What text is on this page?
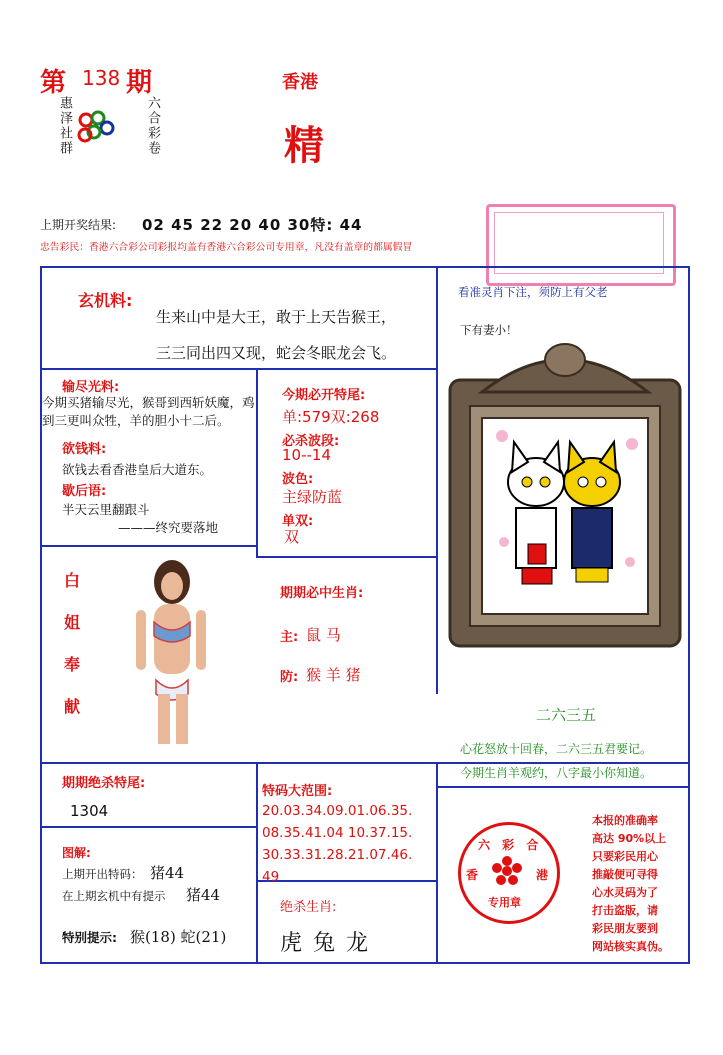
第 138 期
惠泽社群	六合彩卷
香港
精
上期开奖结果: 02 45 22 20 40 30特: 44
忠告彩民：香港六合彩公司彩报均盖有香港六合彩公司专用章，凡没有盖章的都属假冒
玄机料:
生来山中是大王，敢于上天告猴王，
三三同出四又现，蛇会冬眠龙会飞。
输尽光料:
今期买猪输尽光，猴哥到西斩妖魔，鸡到三更叫众牲，羊的胆小十二后。
欲钱料:
欲钱去看香港皇后大道东。
歇后语:
半天云里翻跟斗
———终究要落地
今期必开特尾:
单:579双:268
必杀波段:
10--14
波色:
主绿防蓝
单双:
双
看准灵肖下注，须防上有父老
下有妻小！
白
姐
奉
献
期期必中生肖:
主: 鼠 马
防: 猴 羊 猪
二六三五
心花怒放十回春，二六三五君要记。
今期生肖羊观约，八字最小你知道。
期期绝杀特尾:
1304
图解:
上期开出特码： 猪44
在上期玄机中有提示 猪44
特别提示: 猴(18) 蛇(21)
特码大范围:
20.03.34.09.01.06.35.
08.35.41.04 10.37.15.
30.33.31.28.21.07.46.
49
绝杀生肖:
虎 兔 龙
六 彩 合
香	港
专用章
本报的准确率
高达 90%以上
只要彩民用心
推敲便可寻得
心水灵码为了
打击盗版，请
彩民朋友要到
网站核实真伪。
